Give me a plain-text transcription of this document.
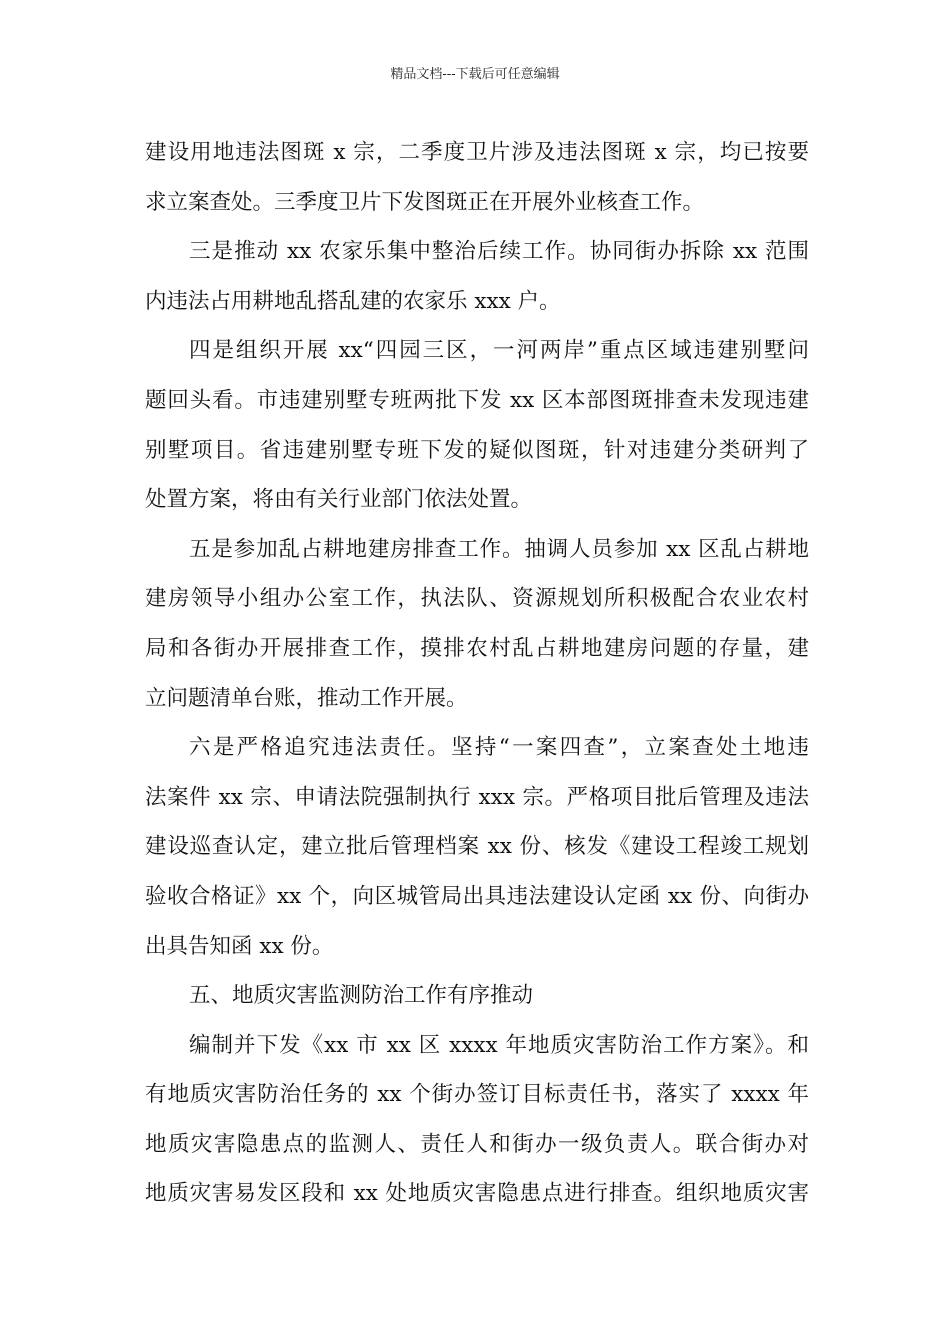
精品文档---下载后可任意编辑

建设用地违法图斑 x 宗，二季度卫片涉及违法图斑 x 宗，均已按要
求立案查处。三季度卫片下发图斑正在开展外业核查工作。

三是推动 xx 农家乐集中整治后续工作。协同街办拆除 xx 范围
内违法占用耕地乱搭乱建的农家乐 xxx 户。

四是组织开展 xx“四园三区，一河两岸”重点区域违建别墅问
题回头看。市违建别墅专班两批下发 xx 区本部图斑排查未发现违建
别墅项目。省违建别墅专班下发的疑似图斑，针对违建分类研判了
处置方案，将由有关行业部门依法处置。

五是参加乱占耕地建房排查工作。抽调人员参加 xx 区乱占耕地
建房领导小组办公室工作，执法队、资源规划所积极配合农业农村
局和各街办开展排查工作，摸排农村乱占耕地建房问题的存量，建
立问题清单台账，推动工作开展。

六是严格追究违法责任。坚持“一案四查”，立案查处土地违
法案件 xx 宗、申请法院强制执行 xxx 宗。严格项目批后管理及违法
建设巡查认定，建立批后管理档案 xx 份、核发《建设工程竣工规划
验收合格证》xx 个，向区城管局出具违法建设认定函 xx 份、向街办
出具告知函 xx 份。

五、地质灾害监测防治工作有序推动

编制并下发《xx 市 xx 区 xxxx 年地质灾害防治工作方案》。和
有地质灾害防治任务的 xx 个街办签订目标责任书，落实了 xxxx 年
地质灾害隐患点的监测人、责任人和街办一级负责人。联合街办对
地质灾害易发区段和 xx 处地质灾害隐患点进行排查。组织地质灾害
